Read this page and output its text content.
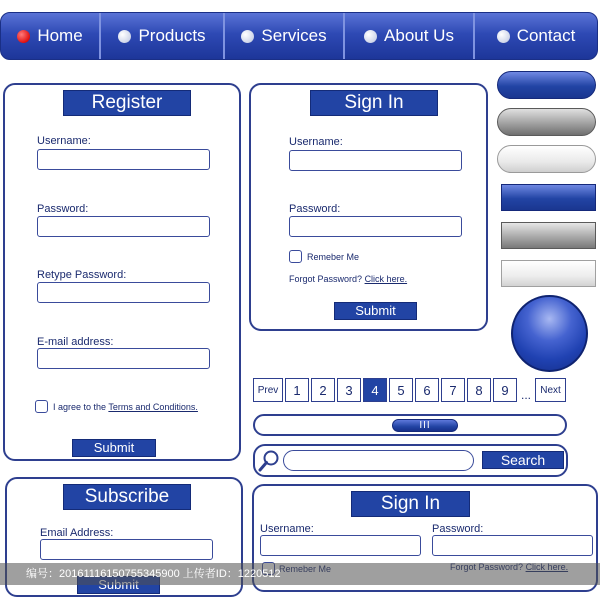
Home	Products	Services	About Us	Contact
Register
Username:
Password:
Retype Password:
E-mail address:
I agree to the Terms and Conditions.
Submit
Sign In
Username:
Password:
Remeber Me
Forgot Password? Click here.
Submit
Prev	1	2	3	4	5	6	7	8	9	... Next
III
Search
Subscribe
Email Address:
Sign In
Username:	Password:
编号：20161116150755345900 上传者ID：1220512
